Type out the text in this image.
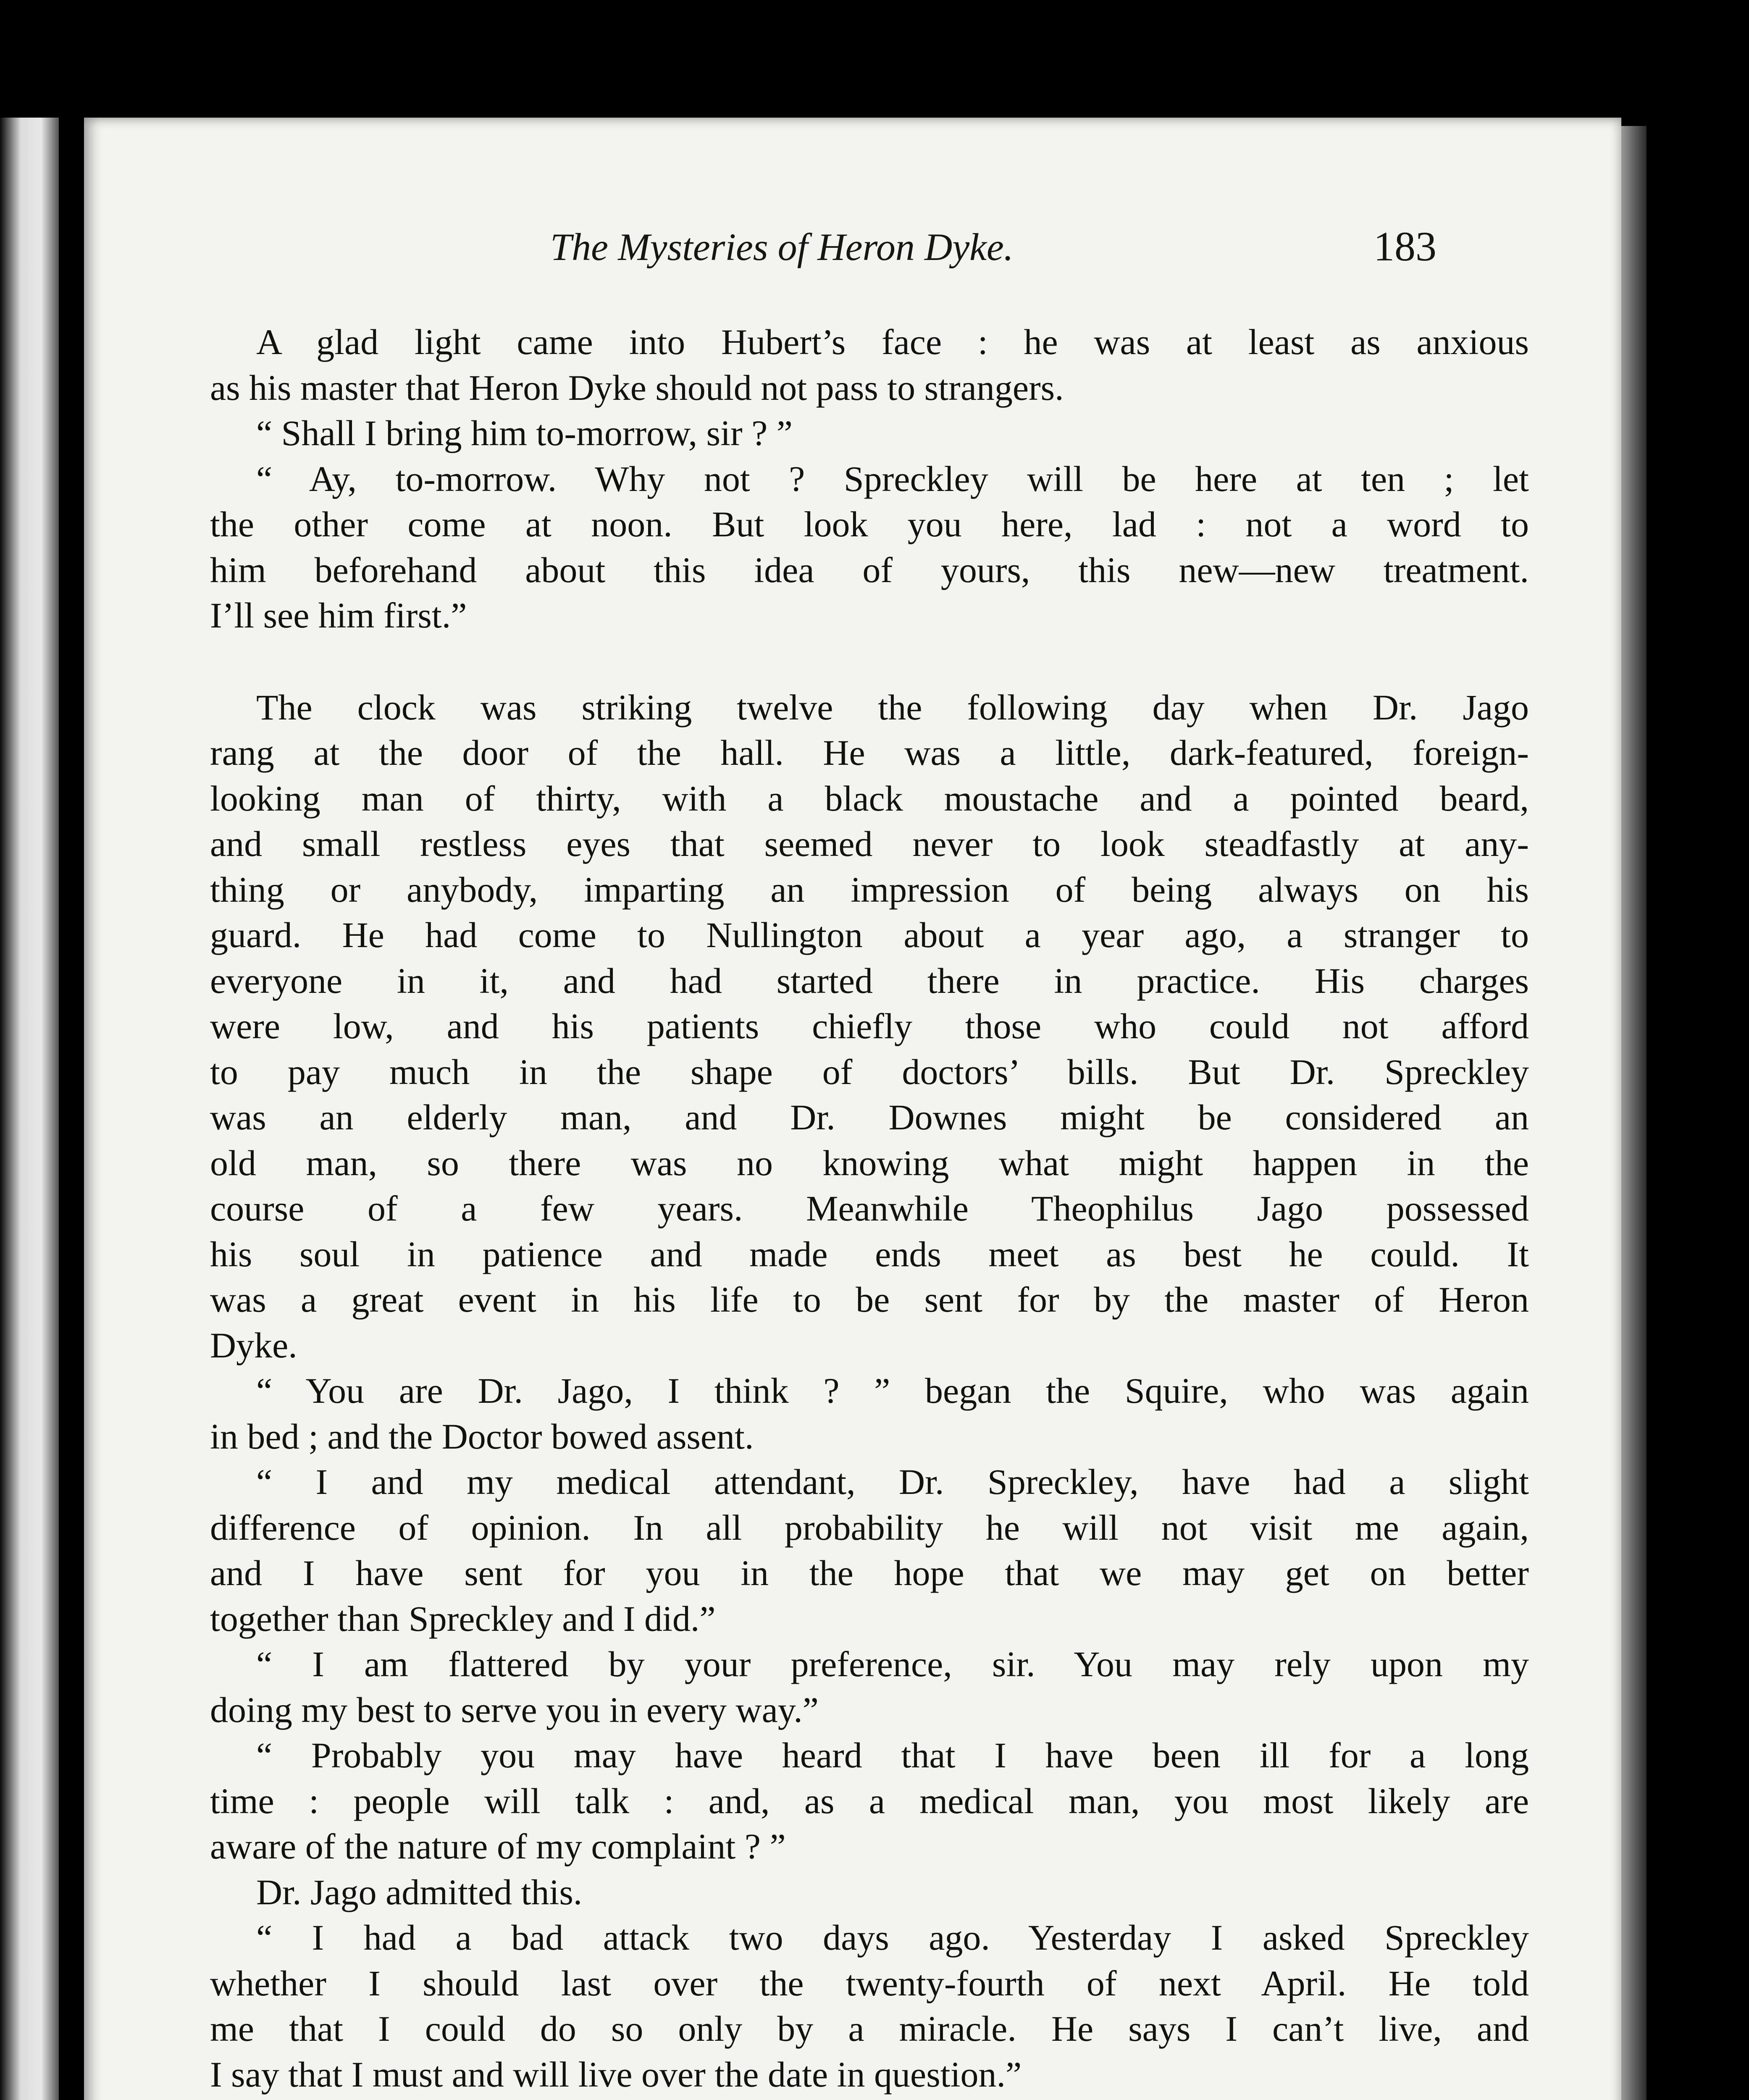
The Mysteries of Heron Dyke.	183
A glad light came into Hubert’s face : he was at least as anxious
as his master that Heron Dyke should not pass to strangers.
“ Shall I bring him to-morrow, sir ? ”
“ Ay, to-morrow. Why not ? Spreckley will be here at ten ; let
the other come at noon. But look you here, lad : not a word to
him beforehand about this idea of yours, this new—new treatment.
I’ll see him first.”
The clock was striking twelve the following day when Dr. Jago
rang at the door of the hall. He was a little, dark-featured, foreign-
looking man of thirty, with a black moustache and a pointed beard,
and small restless eyes that seemed never to look steadfastly at any-
thing or anybody, imparting an impression of being always on his
guard. He had come to Nullington about a year ago, a stranger to
everyone in it, and had started there in practice. His charges
were low, and his patients chiefly those who could not afford
to pay much in the shape of doctors’ bills. But Dr. Spreckley
was an elderly man, and Dr. Downes might be considered an
old man, so there was no knowing what might happen in the
course of a few years. Meanwhile Theophilus Jago possessed
his soul in patience and made ends meet as best he could. It
was a great event in his life to be sent for by the master of Heron
Dyke.
“ You are Dr. Jago, I think ? ” began the Squire, who was again
in bed ; and the Doctor bowed assent.
“ I and my medical attendant, Dr. Spreckley, have had a slight
difference of opinion. In all probability he will not visit me again,
and I have sent for you in the hope that we may get on better
together than Spreckley and I did.”
“ I am flattered by your preference, sir. You may rely upon my
doing my best to serve you in every way.”
“ Probably you may have heard that I have been ill for a long
time : people will talk : and, as a medical man, you most likely are
aware of the nature of my complaint ? ”
Dr. Jago admitted this.
“ I had a bad attack two days ago. Yesterday I asked Spreckley
whether I should last over the twenty-fourth of next April. He told
me that I could do so only by a miracle. He says I can’t live, and
I say that I must and will live over the date in question.”
